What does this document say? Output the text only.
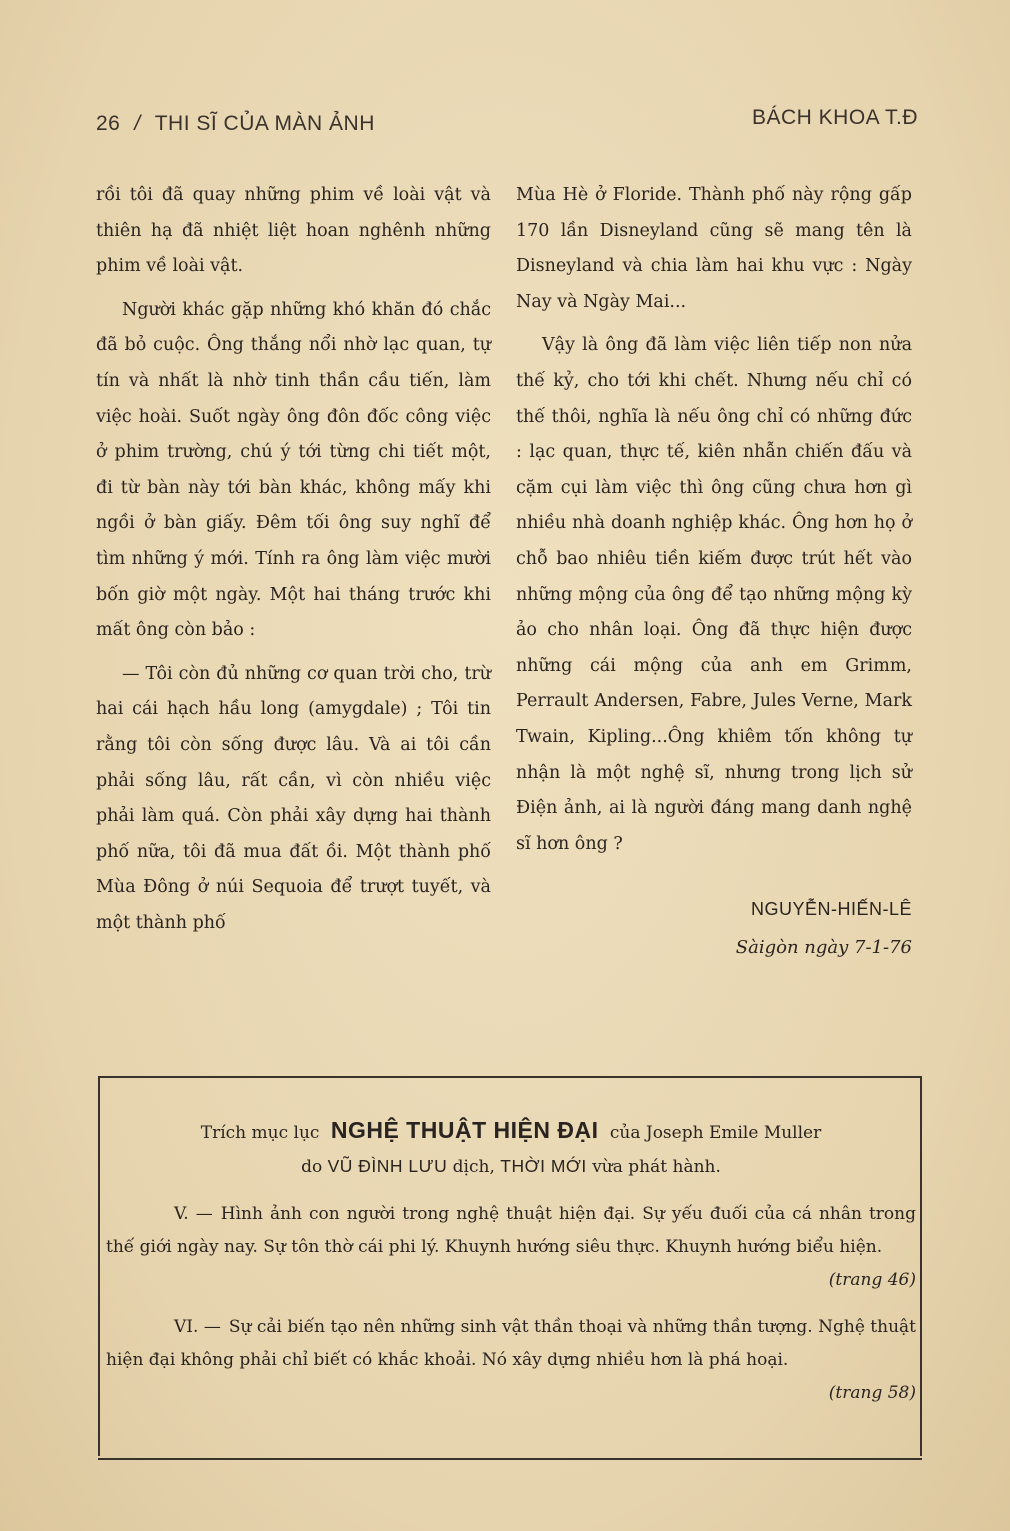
26 / THI SĨ CỦA MÀN ẢNH	BÁCH KHOA T.Đ

rồi tôi đã quay những phim về loài vật và thiên hạ đã nhiệt liệt hoan nghênh những phim về loài vật.

Người khác gặp những khó khăn đó chắc đã bỏ cuộc. Ông thắng nổi nhờ lạc quan, tự tín và nhất là nhờ tinh thần cầu tiến, làm việc hoài. Suốt ngày ông đôn đốc công việc ở phim trường, chú ý tới từng chi tiết một, đi từ bàn này tới bàn khác, không mấy khi ngồi ở bàn giấy. Đêm tối ông suy nghĩ để tìm những ý mới. Tính ra ông làm việc mười bốn giờ một ngày. Một hai tháng trước khi mất ông còn bảo :

— Tôi còn đủ những cơ quan trời cho, trừ hai cái hạch hầu long (amygdale) ; Tôi tin rằng tôi còn sống được lâu. Và ai tôi cần phải sống lâu, rất cần, vì còn nhiều việc phải làm quá. Còn phải xây dựng hai thành phố nữa, tôi đã mua đất ồi. Một thành phố Mùa Đông ở núi Sequoia để trượt tuyết, và một thành phố

Mùa Hè ở Floride. Thành phố này rộng gấp 170 lần Disneyland cũng sẽ mang tên là Disneyland và chia làm hai khu vực : Ngày Nay và Ngày Mai...

Vậy là ông đã làm việc liên tiếp non nửa thế kỷ, cho tới khi chết. Nhưng nếu chỉ có thế thôi, nghĩa là nếu ông chỉ có những đức : lạc quan, thực tế, kiên nhẫn chiến đấu và cặm cụi làm việc thì ông cũng chưa hơn gì nhiều nhà doanh nghiệp khác. Ông hơn họ ở chỗ bao nhiêu tiền kiếm được trút hết vào những mộng của ông để tạo những mộng kỳ ảo cho nhân loại. Ông đã thực hiện được những cái mộng của anh em Grimm, Perrault Andersen, Fabre, Jules Verne, Mark Twain, Kipling...Ông khiêm tốn không tự nhận là một nghệ sĩ, nhưng trong lịch sử Điện ảnh, ai là người đáng mang danh nghệ sĩ hơn ông ?

NGUYỄN-HIẾN-LÊ
Sàigòn ngày 7-1-76
Trích mục lục NGHỆ THUẬT HIỆN ĐẠI của Joseph Emile Muller
do VŨ ĐÌNH LƯU dịch, THỜI MỚI vừa phát hành.
V. — Hình ảnh con người trong nghệ thuật hiện đại. Sự yếu đuối của cá nhân trong thế giới ngày nay. Sự tôn thờ cái phi lý. Khuynh hướng siêu thực. Khuynh hướng biểu hiện.
(trang 46)
VI. — Sự cải biến tạo nên những sinh vật thần thoại và những thần tượng. Nghệ thuật hiện đại không phải chỉ biết có khắc khoải. Nó xây dựng nhiều hơn là phá hoại.
(trang 58)
